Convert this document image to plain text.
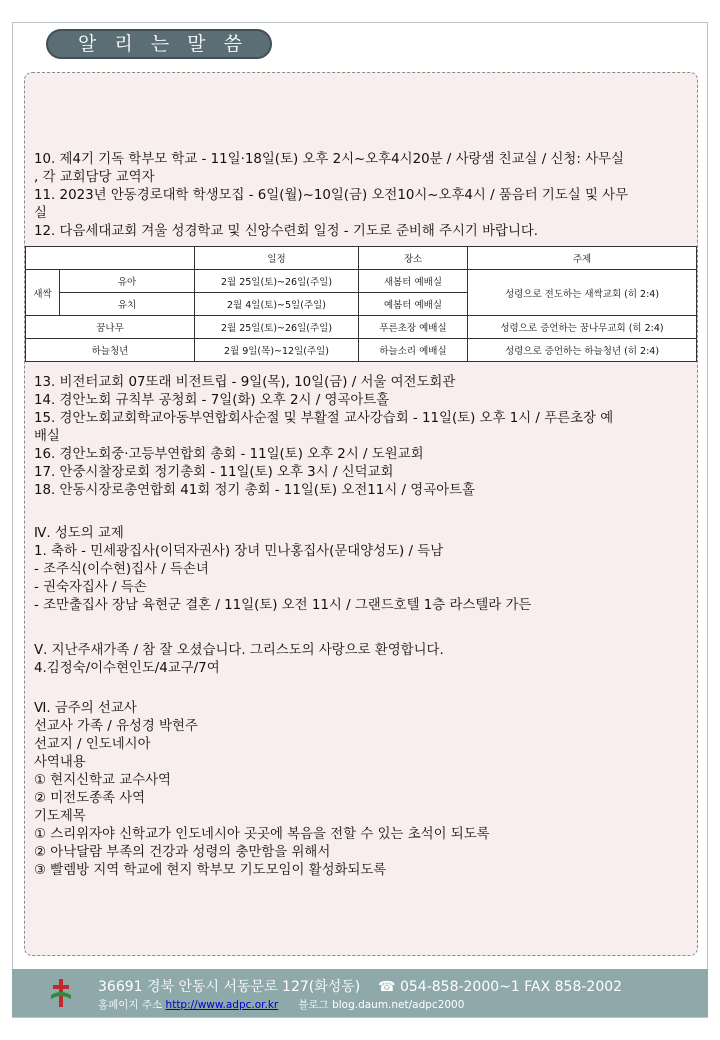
알 리 는 말 씀

10. 제4기 기독 학부모 학교 - 11일·18일(토) 오후 2시~오후4시20분 / 사랑샘 친교실 / 신청: 사무실

, 각 교회담당 교역자

11. 2023년 안동경로대학 학생모집 - 6일(월)~10일(금) 오전10시~오후4시 / 품음터 기도실 및 사무

실

12. 다음세대교회 겨울 성경학교 및 신앙수련회 일정 - 기도로 준비해 주시기 바랍니다.

		일정	장소	주제
새싹	유아	2월 25일(토)~26일(주일)	새봄터 예배실	성령으로 전도하는 새싹교회 (히 2:4)
	유치	2월 4일(토)~5일(주일)	예봄터 예배실	
꿈나무		2월 25일(토)~26일(주일)	푸른초장 예배실	성령으로 증언하는 꿈나무교회 (히 2:4)
하늘청년		2월 9일(목)~12일(주일)	하늘소리 예배실	성령으로 증언하는 하늘청년 (히 2:4)

13. 비전터교회 07또래 비전트립 - 9일(목), 10일(금) / 서울 여전도회관

14. 경안노회 규칙부 공청회 - 7일(화) 오후 2시 / 영곡아트홀

15. 경안노회교회학교아동부연합회사순절 및 부활절 교사강습회 - 11일(토) 오후 1시 / 푸른초장 예

배실

16. 경안노회중·고등부연합회 총회 - 11일(토) 오후 2시 / 도원교회

17. 안중시찰장로회 정기총회 - 11일(토) 오후 3시 / 신덕교회

18. 안동시장로총연합회 41회 정기 총회 - 11일(토) 오전11시 / 영곡아트홀

Ⅳ. 성도의 교제

1. 축하 - 민세광집사(이덕자권사) 장녀 민나홍집사(문대양성도) / 득남

- 조주식(이수현)집사 / 득손녀

- 권숙자집사 / 득손

- 조만출집사 장남 육현군 결혼 / 11일(토) 오전 11시 / 그랜드호텔 1층 라스텔라 가든

Ⅴ. 지난주새가족 / 참 잘 오셨습니다. 그리스도의 사랑으로 환영합니다.

4.김정숙/이수현인도/4교구/7여

Ⅵ. 금주의 선교사

선교사 가족 / 유성경 박현주

선교지 / 인도네시아

사역내용

① 현지신학교 교수사역

② 미전도종족 사역

기도제목

① 스리위자야 신학교가 인도네시아 곳곳에 복음을 전할 수 있는 초석이 되도록

② 아낙달람 부족의 건강과 성령의 충만함을 위해서

③ 빨렘방 지역 학교에 현지 학부모 기도모임이 활성화되도록

36691 경북 안동시 서동문로 127(화성동) ☎ 054-858-2000~1 FAX 858-2002
홈페이지 주소 http://www.adpc.or.kr 블로그 blog.daum.net/adpc2000
